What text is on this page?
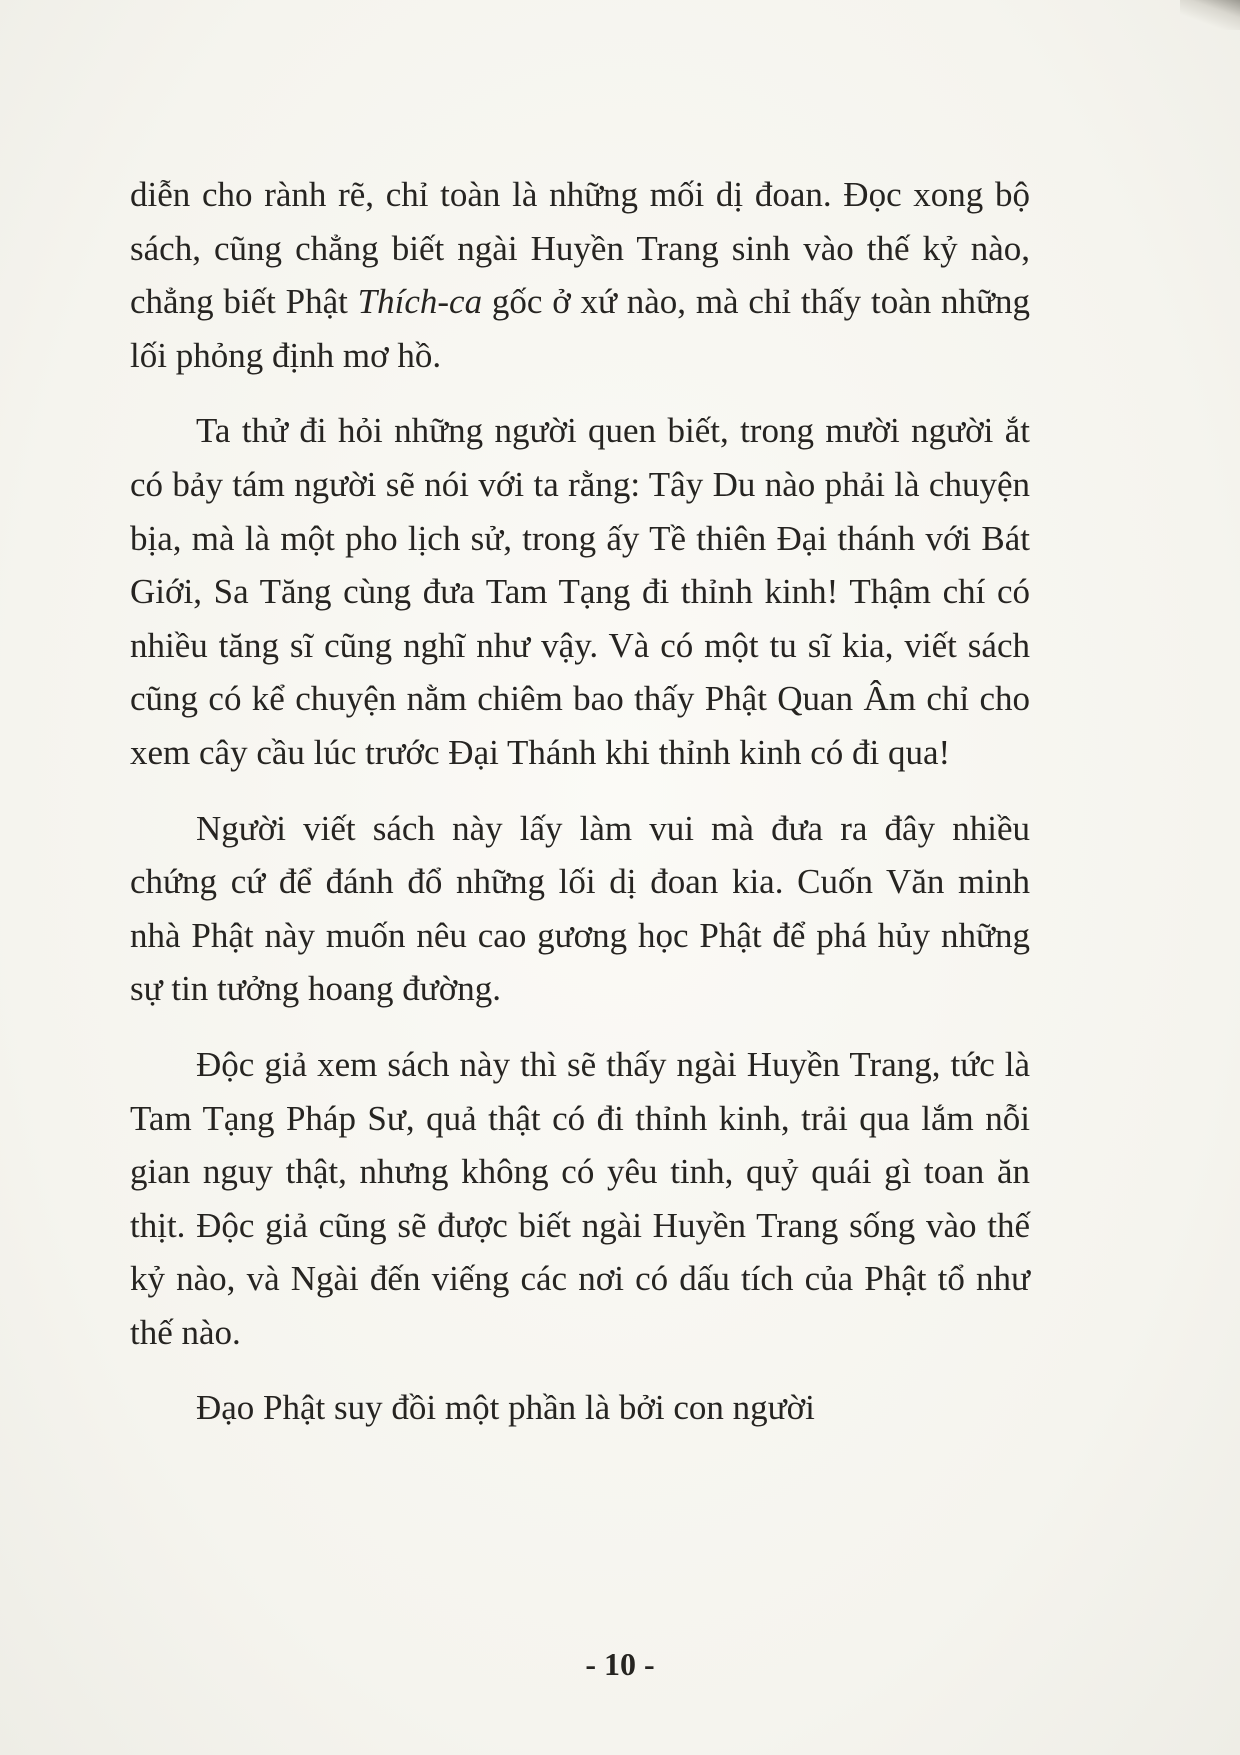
diễn cho rành rẽ, chỉ toàn là những mối dị đoan. Đọc xong bộ sách, cũng chẳng biết ngài Huyền Trang sinh vào thế kỷ nào, chẳng biết Phật Thích-ca gốc ở xứ nào, mà chỉ thấy toàn những lối phỏng định mơ hồ.

Ta thử đi hỏi những người quen biết, trong mười người ắt có bảy tám người sẽ nói với ta rằng: Tây Du nào phải là chuyện bịa, mà là một pho lịch sử, trong ấy Tề thiên Đại thánh với Bát Giới, Sa Tăng cùng đưa Tam Tạng đi thỉnh kinh! Thậm chí có nhiều tăng sĩ cũng nghĩ như vậy. Và có một tu sĩ kia, viết sách cũng có kể chuyện nằm chiêm bao thấy Phật Quan Âm chỉ cho xem cây cầu lúc trước Đại Thánh khi thỉnh kinh có đi qua!

Người viết sách này lấy làm vui mà đưa ra đây nhiều chứng cứ để đánh đổ những lối dị đoan kia. Cuốn Văn minh nhà Phật này muốn nêu cao gương học Phật để phá hủy những sự tin tưởng hoang đường.

Độc giả xem sách này thì sẽ thấy ngài Huyền Trang, tức là Tam Tạng Pháp Sư, quả thật có đi thỉnh kinh, trải qua lắm nỗi gian nguy thật, nhưng không có yêu tinh, quỷ quái gì toan ăn thịt. Độc giả cũng sẽ được biết ngài Huyền Trang sống vào thế kỷ nào, và Ngài đến viếng các nơi có dấu tích của Phật tổ như thế nào.

Đạo Phật suy đồi một phần là bởi con người

- 10 -
